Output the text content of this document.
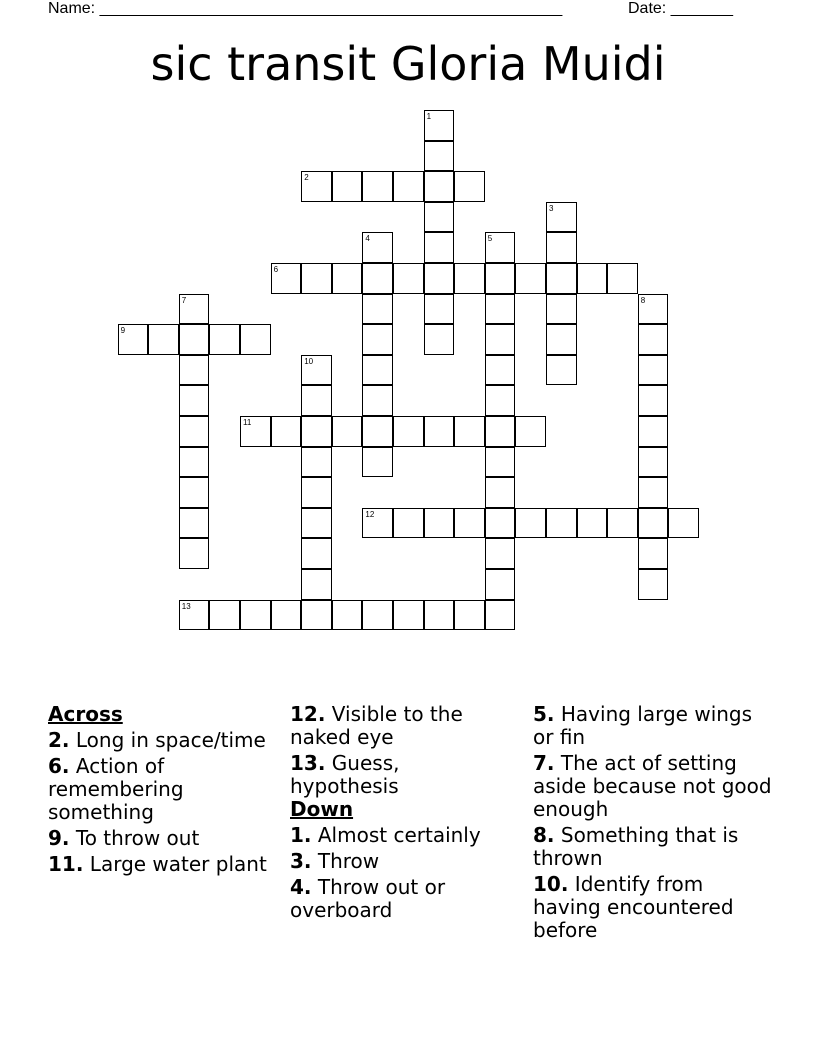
Name: ____________________________________________________	Date: _______
sic transit Gloria Muidi
1
2
3
4	5
6
7	8
9
10
11
12
13
Across
2. Long in space/time
6. Action of remembering something
9. To throw out
11. Large water plant
12. Visible to the naked eye
13. Guess, hypothesis
Down
1. Almost certainly
3. Throw
4. Throw out or overboard
5. Having large wings or fin
7. The act of setting aside because not good enough
8. Something that is thrown
10. Identify from having encountered before
